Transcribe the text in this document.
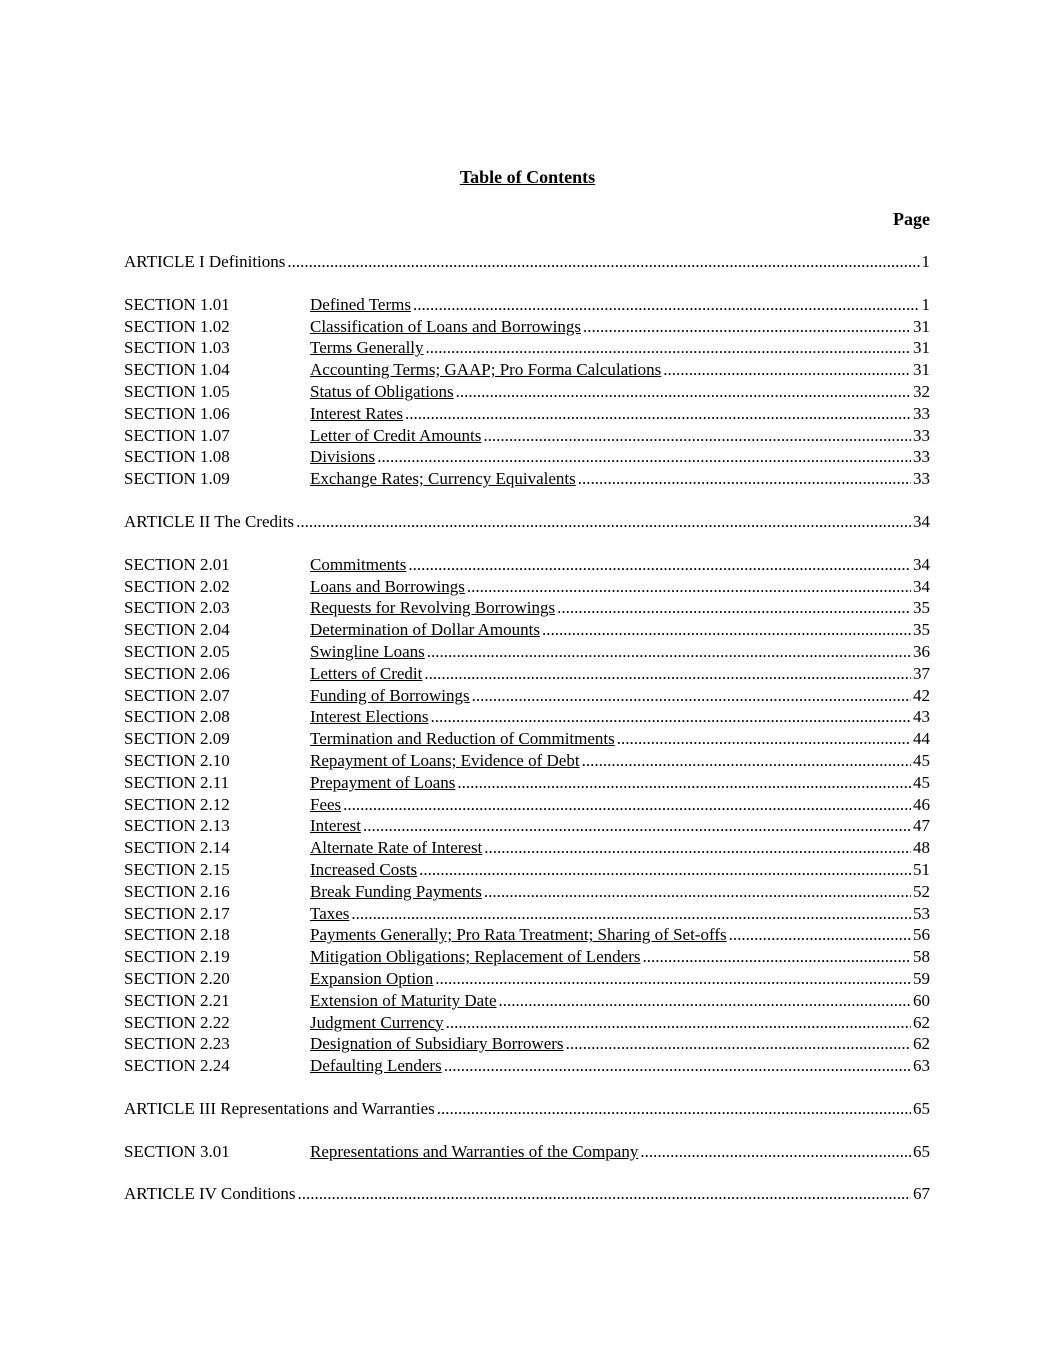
Table of Contents
Page
ARTICLE I Definitions .....	1
SECTION 1.01	Defined Terms .....	1
SECTION 1.02	Classification of Loans and Borrowings .....	31
SECTION 1.03	Terms Generally .....	31
SECTION 1.04	Accounting Terms; GAAP; Pro Forma Calculations .....	31
SECTION 1.05	Status of Obligations .....	32
SECTION 1.06	Interest Rates .....	33
SECTION 1.07	Letter of Credit Amounts .....	33
SECTION 1.08	Divisions .....	33
SECTION 1.09	Exchange Rates; Currency Equivalents .....	33
ARTICLE II The Credits .....	34
SECTION 2.01	Commitments .....	34
SECTION 2.02	Loans and Borrowings .....	34
SECTION 2.03	Requests for Revolving Borrowings .....	35
SECTION 2.04	Determination of Dollar Amounts .....	35
SECTION 2.05	Swingline Loans .....	36
SECTION 2.06	Letters of Credit .....	37
SECTION 2.07	Funding of Borrowings .....	42
SECTION 2.08	Interest Elections .....	43
SECTION 2.09	Termination and Reduction of Commitments .....	44
SECTION 2.10	Repayment of Loans; Evidence of Debt .....	45
SECTION 2.11	Prepayment of Loans .....	45
SECTION 2.12	Fees .....	46
SECTION 2.13	Interest .....	47
SECTION 2.14	Alternate Rate of Interest .....	48
SECTION 2.15	Increased Costs .....	51
SECTION 2.16	Break Funding Payments .....	52
SECTION 2.17	Taxes .....	53
SECTION 2.18	Payments Generally; Pro Rata Treatment; Sharing of Set-offs .....	56
SECTION 2.19	Mitigation Obligations; Replacement of Lenders .....	58
SECTION 2.20	Expansion Option .....	59
SECTION 2.21	Extension of Maturity Date .....	60
SECTION 2.22	Judgment Currency .....	62
SECTION 2.23	Designation of Subsidiary Borrowers .....	62
SECTION 2.24	Defaulting Lenders .....	63
ARTICLE III Representations and Warranties .....	65
SECTION 3.01	Representations and Warranties of the Company .....	65
ARTICLE IV Conditions .....	67
